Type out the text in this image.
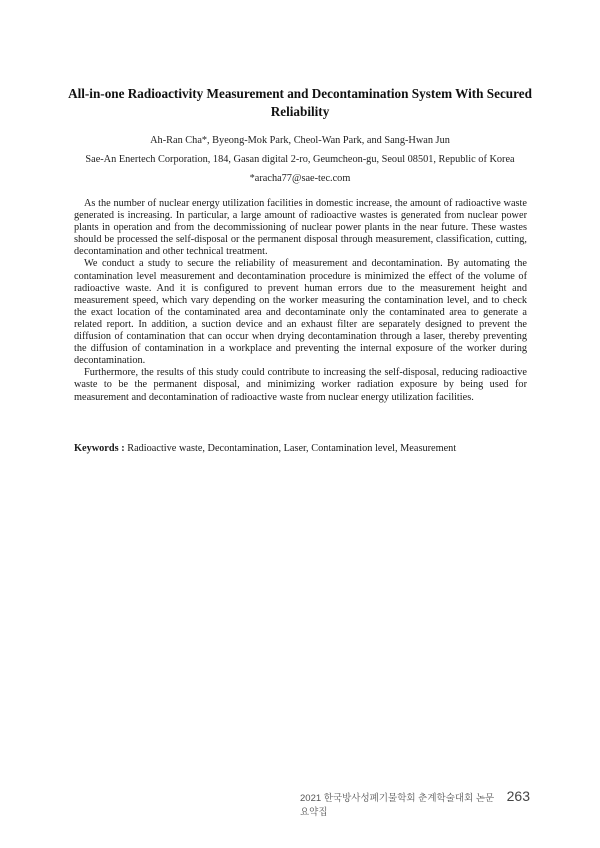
All-in-one Radioactivity Measurement and Decontamination System With Secured Reliability
Ah-Ran Cha*, Byeong-Mok Park, Cheol-Wan Park, and Sang-Hwan Jun
Sae-An Enertech Corporation, 184, Gasan digital 2-ro, Geumcheon-gu, Seoul 08501, Republic of Korea
*aracha77@sae-tec.com

As the number of nuclear energy utilization facilities in domestic increase, the amount of radioactive waste generated is increasing. In particular, a large amount of radioactive wastes is generated from nuclear power plants in operation and from the decommissioning of nuclear power plants in the near future. These wastes should be processed the self-disposal or the permanent disposal through measurement, classification, cutting, decontamination and other technical treatment.

We conduct a study to secure the reliability of measurement and decontamination. By automating the contamination level measurement and decontamination procedure is minimized the effect of the volume of radioactive waste. And it is configured to prevent human errors due to the measurement height and measurement speed, which vary depending on the worker measuring the contamination level, and to check the exact location of the contaminated area and decontaminate only the contaminated area to generate a related report. In addition, a suction device and an exhaust filter are separately designed to prevent the diffusion of contamination that can occur when drying decontamination through a laser, thereby preventing the diffusion of contamination in a workplace and preventing the internal exposure of the worker during decontamination.

Furthermore, the results of this study could contribute to increasing the self-disposal, reducing radioactive waste to be the permanent disposal, and minimizing worker radiation exposure by being used for measurement and decontamination of radioactive waste from nuclear energy utilization facilities.

Keywords : Radioactive waste, Decontamination, Laser, Contamination level, Measurement
2021 한국방사성폐기물학회 춘계학술대회 논문요약집
263
